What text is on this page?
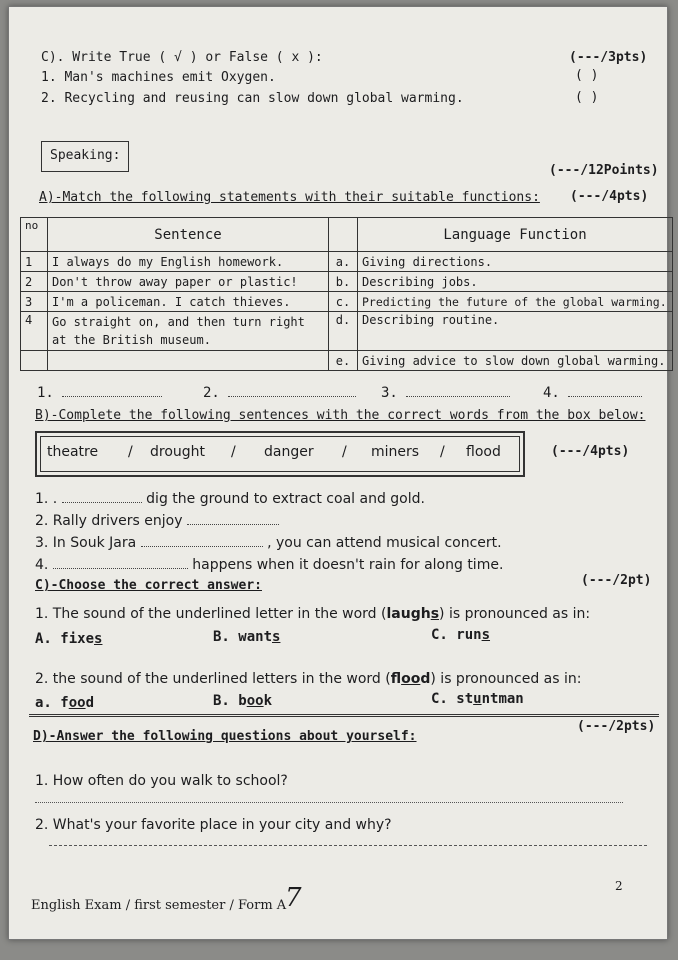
C). Write True ( √ ) or False ( x ):	(---/3pts)
1. Man's machines emit Oxygen.	( )
2. Recycling and reusing can slow down global warming.	( )
Speaking:
(---/12Points)
A)-Match the following statements with their suitable functions: (---/4pts)
no	Sentence		Language Function
1	I always do my English homework.	a.	Giving directions.
2	Don't throw away paper or plastic!	b.	Describing jobs.
3	I'm a policeman. I catch thieves.	c.	Predicting the future of the global warming.
4	Go straight on, and then turn right at the British museum.	d.	Describing routine.
		e.	Giving advice to slow down global warming.
1.	2.	3.	4.
B)-Complete the following sentences with the correct words from the box below:
theatre / drought / danger / miners / flood	(---/4pts)
1. .	dig the ground to extract coal and gold.
2. Rally drivers enjoy
3. In Souk Jara	, you can attend musical concert.
4.	happens when it doesn't rain for along time.
C)-Choose the correct answer:	(---/2pt)
1. The sound of the underlined letter in the word (laughs) is pronounced as in:
A. fixes	B. wants	C. runs
2. the sound of the underlined letters in the word (flood) is pronounced as in:
a. food	B. book	C. stuntman
D)-Answer the following questions about yourself:
(---/2pts)
1. How often do you walk to school?
2. What's your favorite place in your city and why?
English Exam / first semester / Form A
7	2
